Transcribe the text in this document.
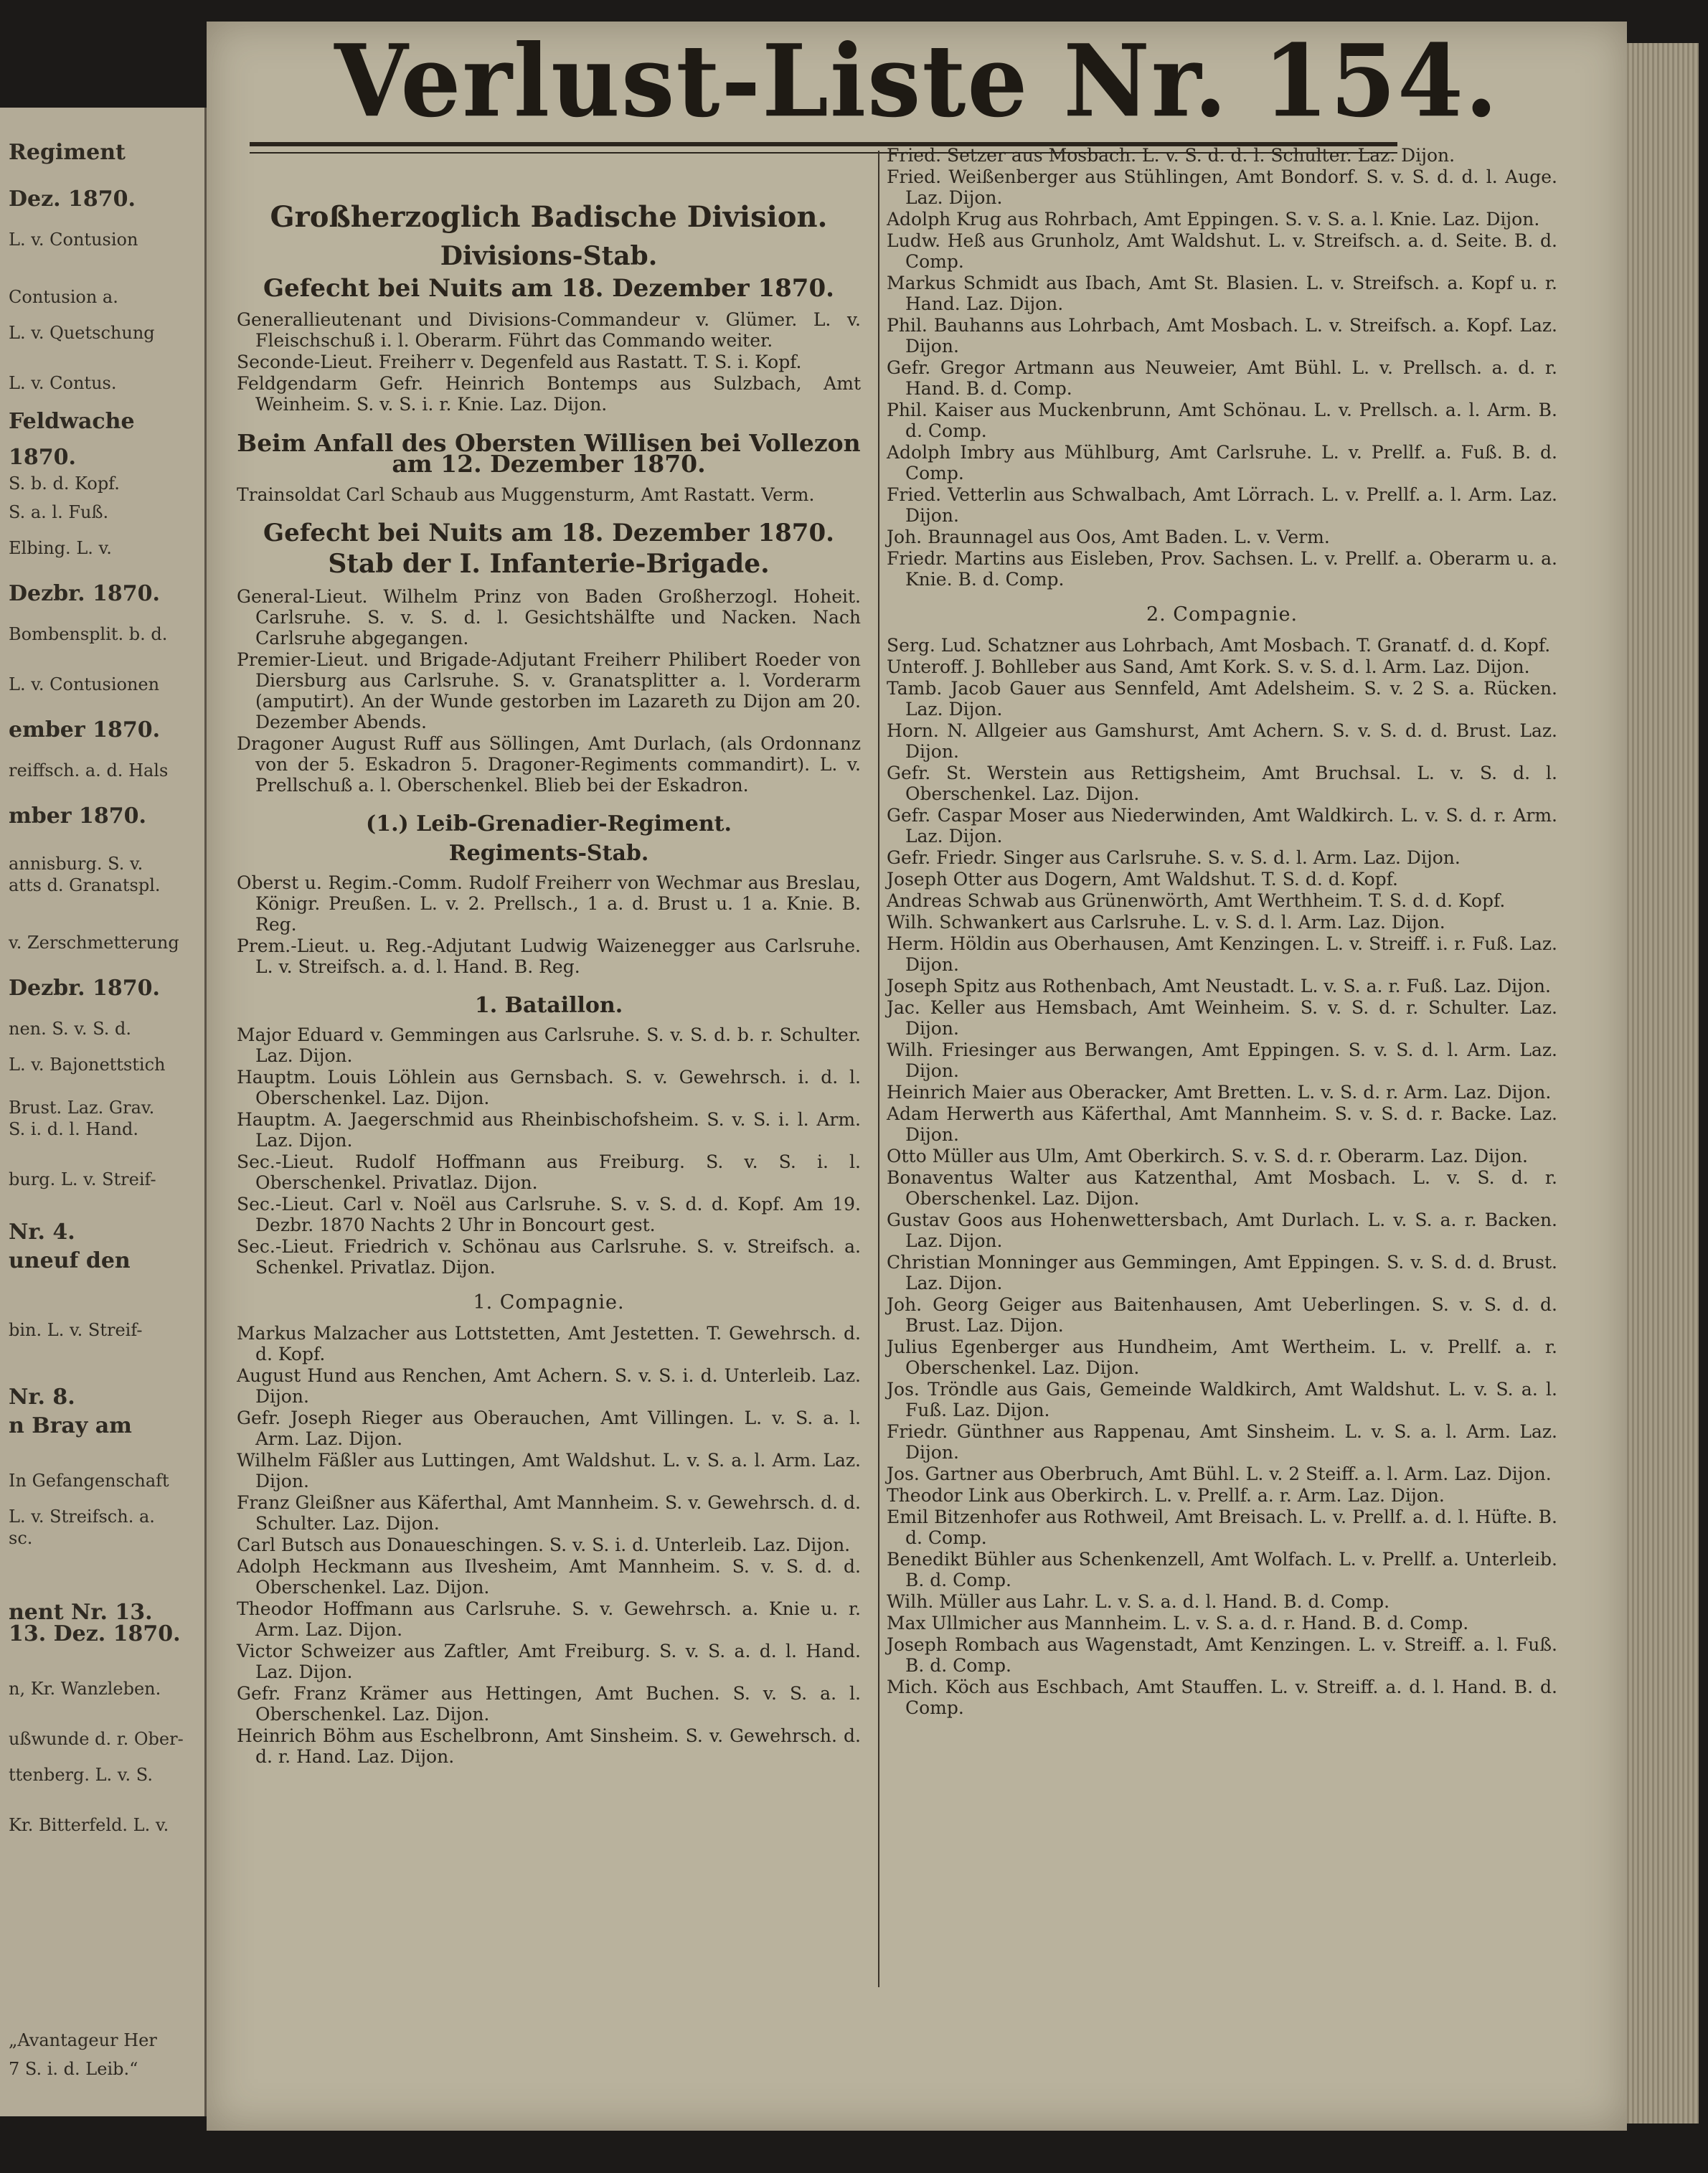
Regiment
Dez. 1870.
L. v. Contusion
Contusion a.
L. v. Quetschung
L. v. Contus.
Feldwache
1870.
S. b. d. Kopf.
S. a. l. Fuß.
Elbing. L. v.
Dezbr. 1870.
Bombensplit. b. d.
L. v. Contusionen
ember 1870.
reiffsch. a. d. Hals
mber 1870.
annisburg. S. v.
atts d. Granatspl.
v. Zerschmetterung
Dezbr. 1870.
nen. S. v. S. d.
L. v. Bajonettstich
Brust. Laz. Grav.
S. i. d. l. Hand.
burg. L. v. Streif-
Nr. 4.
uneuf den
bin. L. v. Streif-
Nr. 8.
n Bray am
In Gefangenschaft
L. v. Streifsch. a.
sc.
nent Nr. 13.
13. Dez. 1870.
n, Kr. Wanzleben.
ußwunde d. r. Ober-
ttenberg. L. v. S.
Kr. Bitterfeld. L. v.
„Avantageur Her
7 S. i. d. Leib.“
Verlust-Liste Nr. 154.

Großherzoglich Badische Division.

Divisions-Stab.

Gefecht bei Nuits am 18. Dezember 1870.

Generallieutenant und Divisions-Commandeur v. Glümer. L. v. Fleischschuß i. l. Oberarm. Führt das Commando weiter.

Seconde-Lieut. Freiherr v. Degenfeld aus Rastatt. T. S. i. Kopf.

Feldgendarm Gefr. Heinrich Bontemps aus Sulzbach, Amt Weinheim. S. v. S. i. r. Knie. Laz. Dijon.

Beim Anfall des Obersten Willisen bei Vollezon am 12. Dezember 1870.

Trainsoldat Carl Schaub aus Muggensturm, Amt Rastatt. Verm.

Gefecht bei Nuits am 18. Dezember 1870.

Stab der I. Infanterie-Brigade.

General-Lieut. Wilhelm Prinz von Baden Großherzogl. Hoheit. Carlsruhe. S. v. S. d. l. Gesichtshälfte und Nacken. Nach Carlsruhe abgegangen.

Premier-Lieut. und Brigade-Adjutant Freiherr Philibert Roeder von Diersburg aus Carlsruhe. S. v. Granatsplitter a. l. Vorderarm (amputirt). An der Wunde gestorben im Lazareth zu Dijon am 20. Dezember Abends.

Dragoner August Ruff aus Söllingen, Amt Durlach, (als Ordonnanz von der 5. Eskadron 5. Dragoner-Regiments commandirt). L. v. Prellschuß a. l. Oberschenkel. Blieb bei der Eskadron.

(1.) Leib-Grenadier-Regiment.

Regiments-Stab.

Oberst u. Regim.-Comm. Rudolf Freiherr von Wechmar aus Breslau, Königr. Preußen. L. v. 2. Prellsch., 1 a. d. Brust u. 1 a. Knie. B. Reg.

Prem.-Lieut. u. Reg.-Adjutant Ludwig Waizenegger aus Carlsruhe. L. v. Streifsch. a. d. l. Hand. B. Reg.

1. Bataillon.

Major Eduard v. Gemmingen aus Carlsruhe. S. v. S. d. b. r. Schulter. Laz. Dijon.

Hauptm. Louis Löhlein aus Gernsbach. S. v. Gewehrsch. i. d. l. Oberschenkel. Laz. Dijon.

Hauptm. A. Jaegerschmid aus Rheinbischofsheim. S. v. S. i. l. Arm. Laz. Dijon.

Sec.-Lieut. Rudolf Hoffmann aus Freiburg. S. v. S. i. l. Oberschenkel. Privatlaz. Dijon.

Sec.-Lieut. Carl v. Noël aus Carlsruhe. S. v. S. d. d. Kopf. Am 19. Dezbr. 1870 Nachts 2 Uhr in Boncourt gest.

Sec.-Lieut. Friedrich v. Schönau aus Carlsruhe. S. v. Streifsch. a. Schenkel. Privatlaz. Dijon.

1. Compagnie.

Markus Malzacher aus Lottstetten, Amt Jestetten. T. Gewehrsch. d. d. Kopf.

August Hund aus Renchen, Amt Achern. S. v. S. i. d. Unterleib. Laz. Dijon.

Gefr. Joseph Rieger aus Oberauchen, Amt Villingen. L. v. S. a. l. Arm. Laz. Dijon.

Wilhelm Fäßler aus Luttingen, Amt Waldshut. L. v. S. a. l. Arm. Laz. Dijon.

Franz Gleißner aus Käferthal, Amt Mannheim. S. v. Gewehrsch. d. d. Schulter. Laz. Dijon.

Carl Butsch aus Donaueschingen. S. v. S. i. d. Unterleib. Laz. Dijon.

Adolph Heckmann aus Ilvesheim, Amt Mannheim. S. v. S. d. d. Oberschenkel. Laz. Dijon.

Theodor Hoffmann aus Carlsruhe. S. v. Gewehrsch. a. Knie u. r. Arm. Laz. Dijon.

Victor Schweizer aus Zaftler, Amt Freiburg. S. v. S. a. d. l. Hand. Laz. Dijon.

Gefr. Franz Krämer aus Hettingen, Amt Buchen. S. v. S. a. l. Oberschenkel. Laz. Dijon.

Heinrich Böhm aus Eschelbronn, Amt Sinsheim. S. v. Gewehrsch. d. d. r. Hand. Laz. Dijon.

Fried. Setzer aus Mosbach. L. v. S. d. d. l. Schulter. Laz. Dijon.

Fried. Weißenberger aus Stühlingen, Amt Bondorf. S. v. S. d. d. l. Auge. Laz. Dijon.

Adolph Krug aus Rohrbach, Amt Eppingen. S. v. S. a. l. Knie. Laz. Dijon.

Ludw. Heß aus Grunholz, Amt Waldshut. L. v. Streifsch. a. d. Seite. B. d. Comp.

Markus Schmidt aus Ibach, Amt St. Blasien. L. v. Streifsch. a. Kopf u. r. Hand. Laz. Dijon.

Phil. Bauhanns aus Lohrbach, Amt Mosbach. L. v. Streifsch. a. Kopf. Laz. Dijon.

Gefr. Gregor Artmann aus Neuweier, Amt Bühl. L. v. Prellsch. a. d. r. Hand. B. d. Comp.

Phil. Kaiser aus Muckenbrunn, Amt Schönau. L. v. Prellsch. a. l. Arm. B. d. Comp.

Adolph Imbry aus Mühlburg, Amt Carlsruhe. L. v. Prellf. a. Fuß. B. d. Comp.

Fried. Vetterlin aus Schwalbach, Amt Lörrach. L. v. Prellf. a. l. Arm. Laz. Dijon.

Joh. Braunnagel aus Oos, Amt Baden. L. v. Verm.

Friedr. Martins aus Eisleben, Prov. Sachsen. L. v. Prellf. a. Oberarm u. a. Knie. B. d. Comp.

2. Compagnie.

Serg. Lud. Schatzner aus Lohrbach, Amt Mosbach. T. Granatf. d. d. Kopf.

Unteroff. J. Bohlleber aus Sand, Amt Kork. S. v. S. d. l. Arm. Laz. Dijon.

Tamb. Jacob Gauer aus Sennfeld, Amt Adelsheim. S. v. 2 S. a. Rücken. Laz. Dijon.

Horn. N. Allgeier aus Gamshurst, Amt Achern. S. v. S. d. d. Brust. Laz. Dijon.

Gefr. St. Werstein aus Rettigsheim, Amt Bruchsal. L. v. S. d. l. Oberschenkel. Laz. Dijon.

Gefr. Caspar Moser aus Niederwinden, Amt Waldkirch. L. v. S. d. r. Arm. Laz. Dijon.

Gefr. Friedr. Singer aus Carlsruhe. S. v. S. d. l. Arm. Laz. Dijon.

Joseph Otter aus Dogern, Amt Waldshut. T. S. d. d. Kopf.

Andreas Schwab aus Grünenwörth, Amt Werthheim. T. S. d. d. Kopf.

Wilh. Schwankert aus Carlsruhe. L. v. S. d. l. Arm. Laz. Dijon.

Herm. Höldin aus Oberhausen, Amt Kenzingen. L. v. Streiff. i. r. Fuß. Laz. Dijon.

Joseph Spitz aus Rothenbach, Amt Neustadt. L. v. S. a. r. Fuß. Laz. Dijon.

Jac. Keller aus Hemsbach, Amt Weinheim. S. v. S. d. r. Schulter. Laz. Dijon.

Wilh. Friesinger aus Berwangen, Amt Eppingen. S. v. S. d. l. Arm. Laz. Dijon.

Heinrich Maier aus Oberacker, Amt Bretten. L. v. S. d. r. Arm. Laz. Dijon.

Adam Herwerth aus Käferthal, Amt Mannheim. S. v. S. d. r. Backe. Laz. Dijon.

Otto Müller aus Ulm, Amt Oberkirch. S. v. S. d. r. Oberarm. Laz. Dijon.

Bonaventus Walter aus Katzenthal, Amt Mosbach. L. v. S. d. r. Oberschenkel. Laz. Dijon.

Gustav Goos aus Hohenwettersbach, Amt Durlach. L. v. S. a. r. Backen. Laz. Dijon.

Christian Monninger aus Gemmingen, Amt Eppingen. S. v. S. d. d. Brust. Laz. Dijon.

Joh. Georg Geiger aus Baitenhausen, Amt Ueberlingen. S. v. S. d. d. Brust. Laz. Dijon.

Julius Egenberger aus Hundheim, Amt Wertheim. L. v. Prellf. a. r. Oberschenkel. Laz. Dijon.

Jos. Tröndle aus Gais, Gemeinde Waldkirch, Amt Waldshut. L. v. S. a. l. Fuß. Laz. Dijon.

Friedr. Günthner aus Rappenau, Amt Sinsheim. L. v. S. a. l. Arm. Laz. Dijon.

Jos. Gartner aus Oberbruch, Amt Bühl. L. v. 2 Steiff. a. l. Arm. Laz. Dijon.

Theodor Link aus Oberkirch. L. v. Prellf. a. r. Arm. Laz. Dijon.

Emil Bitzenhofer aus Rothweil, Amt Breisach. L. v. Prellf. a. d. l. Hüfte. B. d. Comp.

Benedikt Bühler aus Schenkenzell, Amt Wolfach. L. v. Prellf. a. Unterleib. B. d. Comp.

Wilh. Müller aus Lahr. L. v. S. a. d. l. Hand. B. d. Comp.

Max Ullmicher aus Mannheim. L. v. S. a. d. r. Hand. B. d. Comp.

Joseph Rombach aus Wagenstadt, Amt Kenzingen. L. v. Streiff. a. l. Fuß. B. d. Comp.

Mich. Köch aus Eschbach, Amt Stauffen. L. v. Streiff. a. d. l. Hand. B. d. Comp.
